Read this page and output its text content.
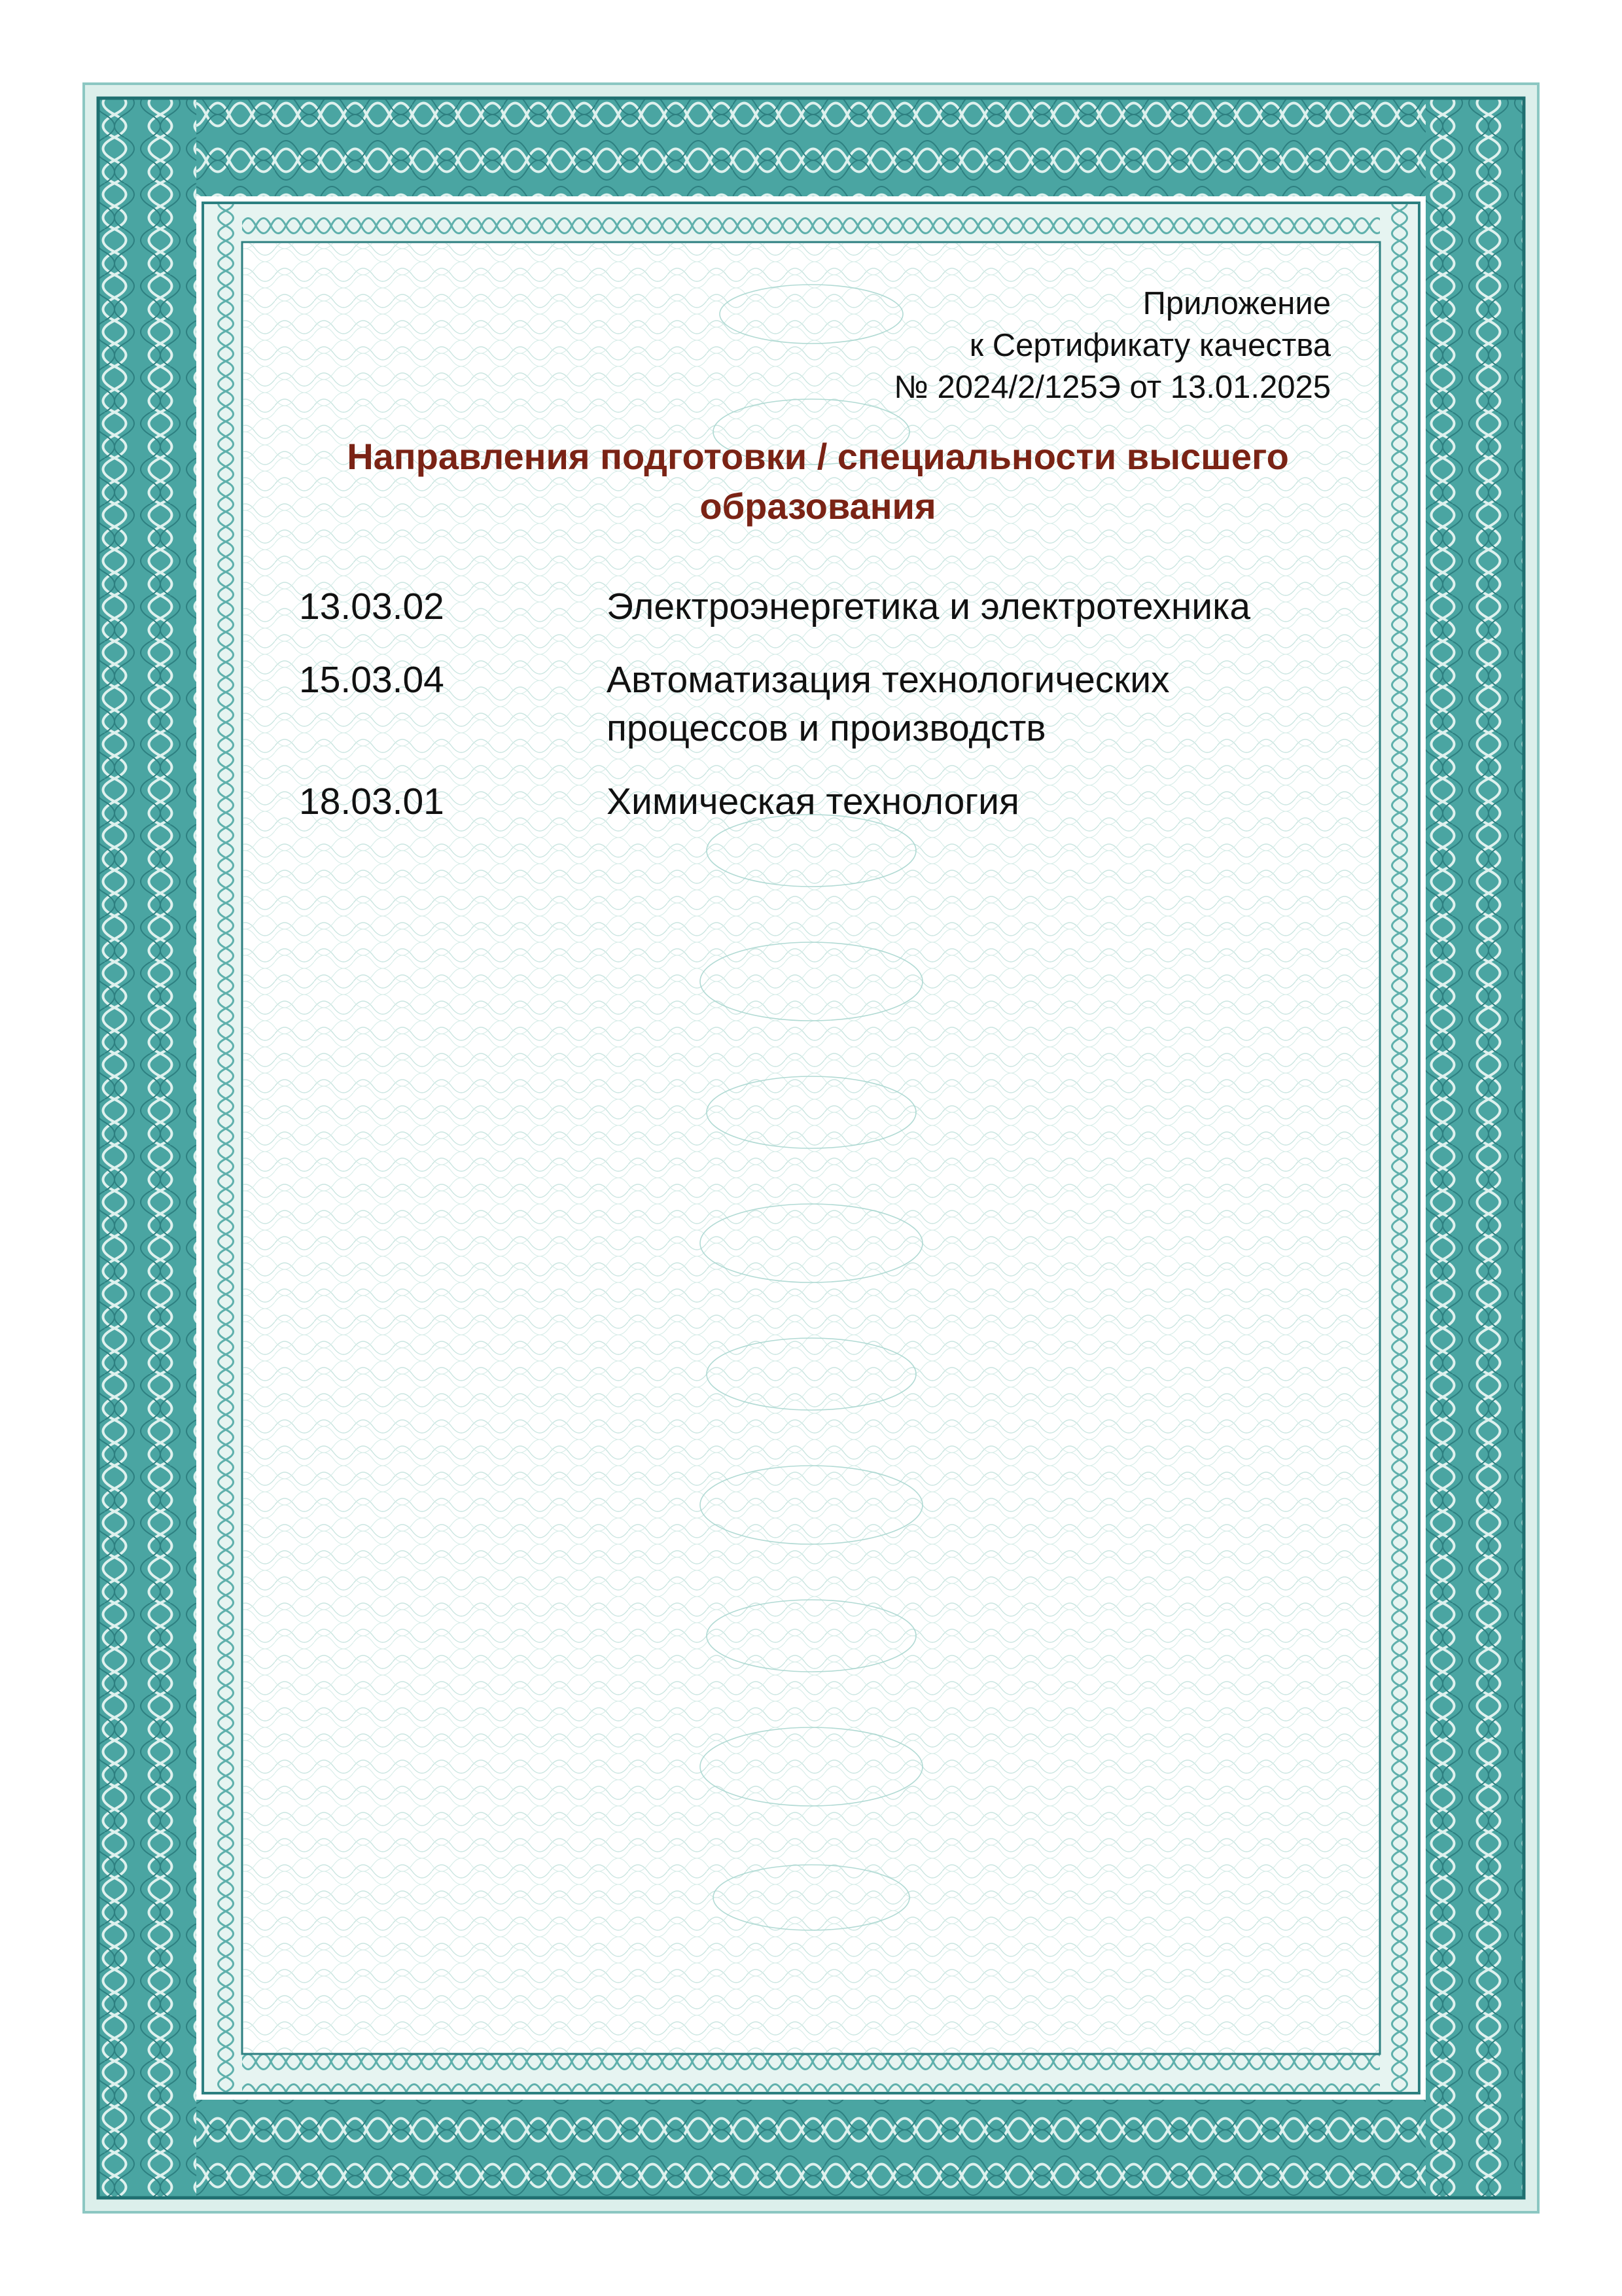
Приложение
к Сертификату качества
№ 2024/2/125Э от 13.01.2025
Направления подготовки / специальности высшего образования
13.03.02	Электроэнергетика и электротехника
15.03.04	Автоматизация технологических процессов и производств
18.03.01	Химическая технология
